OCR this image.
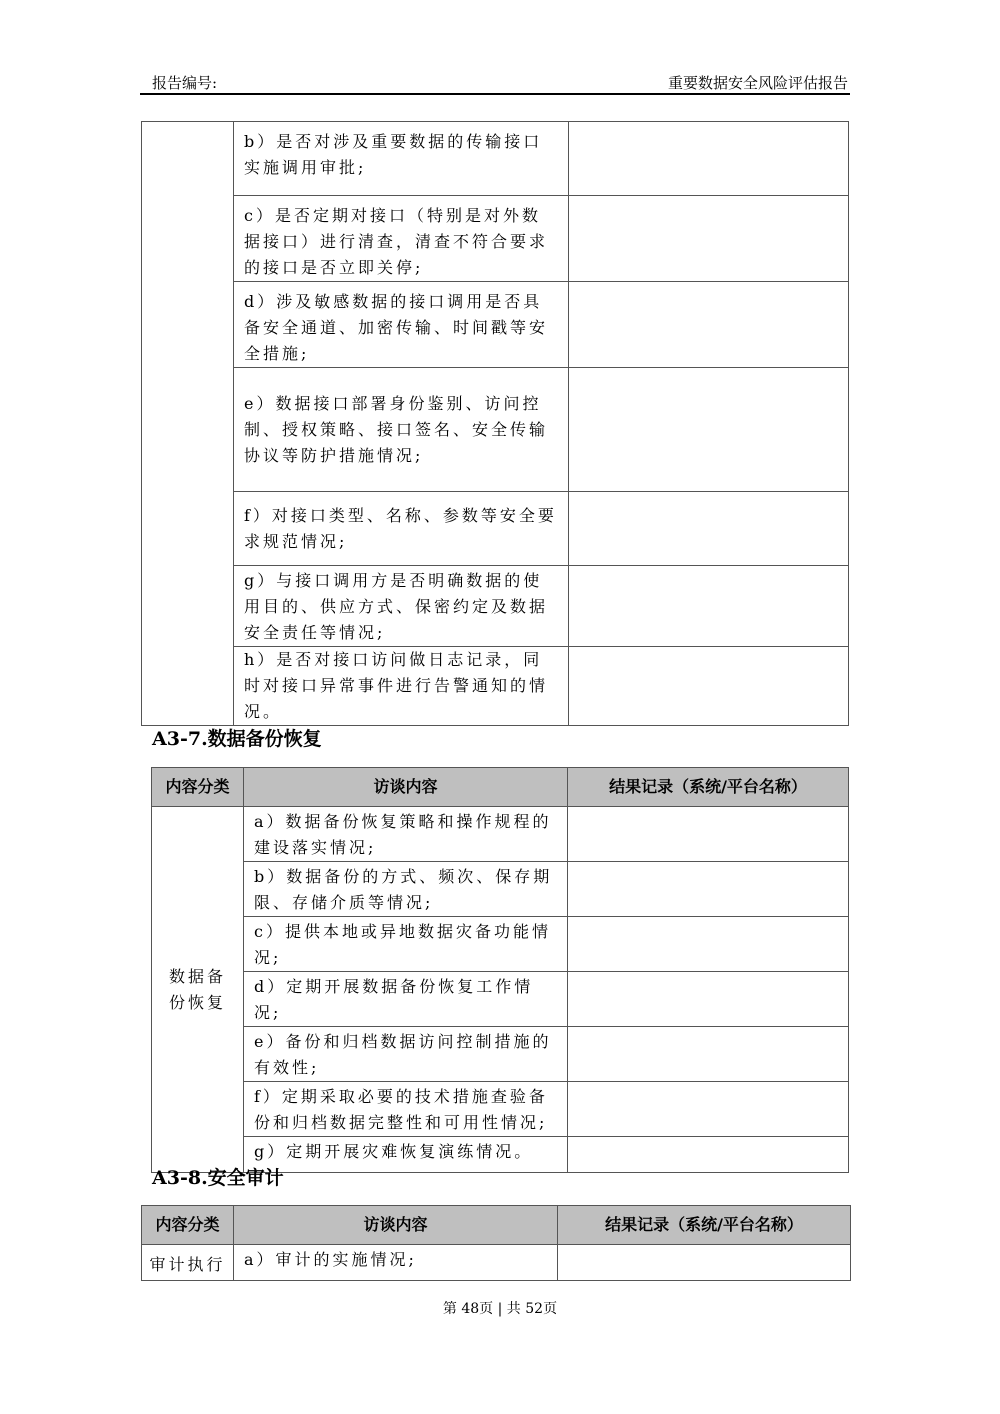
报告编号:	重要数据安全风险评估报告

	b）是否对涉及重要数据的传输接口实施调用审批;	

	c）是否定期对接口（特别是对外数据接口）进行清查，清查不符合要求的接口是否立即关停;	

	d）涉及敏感数据的接口调用是否具备安全通道、加密传输、时间戳等安全措施;	

	e）数据接口部署身份鉴别、访问控制、授权策略、接口签名、安全传输协议等防护措施情况;	

	f）对接口类型、名称、参数等安全要求规范情况;	

	g）与接口调用方是否明确数据的使用目的、供应方式、保密约定及数据安全责任等情况;	

	h）是否对接口访问做日志记录，同时对接口异常事件进行告警通知的情况。	

A3-7.数据备份恢复
内容分类	访谈内容	结果记录（系统/平台名称）

数据备份恢复	a）数据备份恢复策略和操作规程的建设落实情况;	

	b）数据备份的方式、频次、保存期限、存储介质等情况;	

	c）提供本地或异地数据灾备功能情况;	

	d）定期开展数据备份恢复工作情况;	

	e）备份和归档数据访问控制措施的有效性;	

	f）定期采取必要的技术措施查验备份和归档数据完整性和可用性情况;	

	g）定期开展灾难恢复演练情况。	

A3-8.安全审计
内容分类	访谈内容	结果记录（系统/平台名称）

审计执行	a）审计的实施情况;	

第 48页 | 共 52页
